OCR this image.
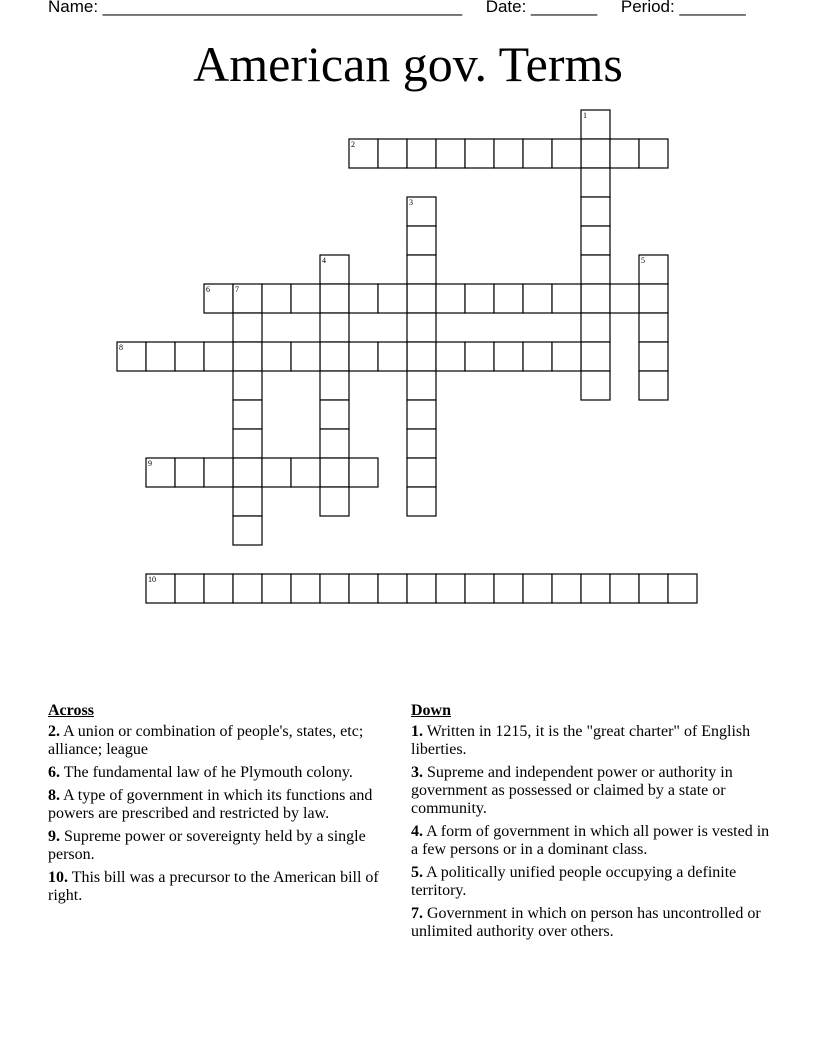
Name: ______________________________________ Date: _______ Period: _______
American gov. Terms
1
2
3
4	5
6	7
8
9
10
Across
2. A union or combination of people's, states, etc; alliance; league
6. The fundamental law of he Plymouth colony.
8. A type of government in which its functions and powers are prescribed and restricted by law.
9. Supreme power or sovereignty held by a single person.
10. This bill was a precursor to the American bill of right.
Down
1. Written in 1215, it is the "great charter" of English liberties.
3. Supreme and independent power or authority in government as possessed or claimed by a state or community.
4. A form of government in which all power is vested in a few persons or in a dominant class.
5. A politically unified people occupying a definite territory.
7. Government in which on person has uncontrolled or unlimited authority over others.
